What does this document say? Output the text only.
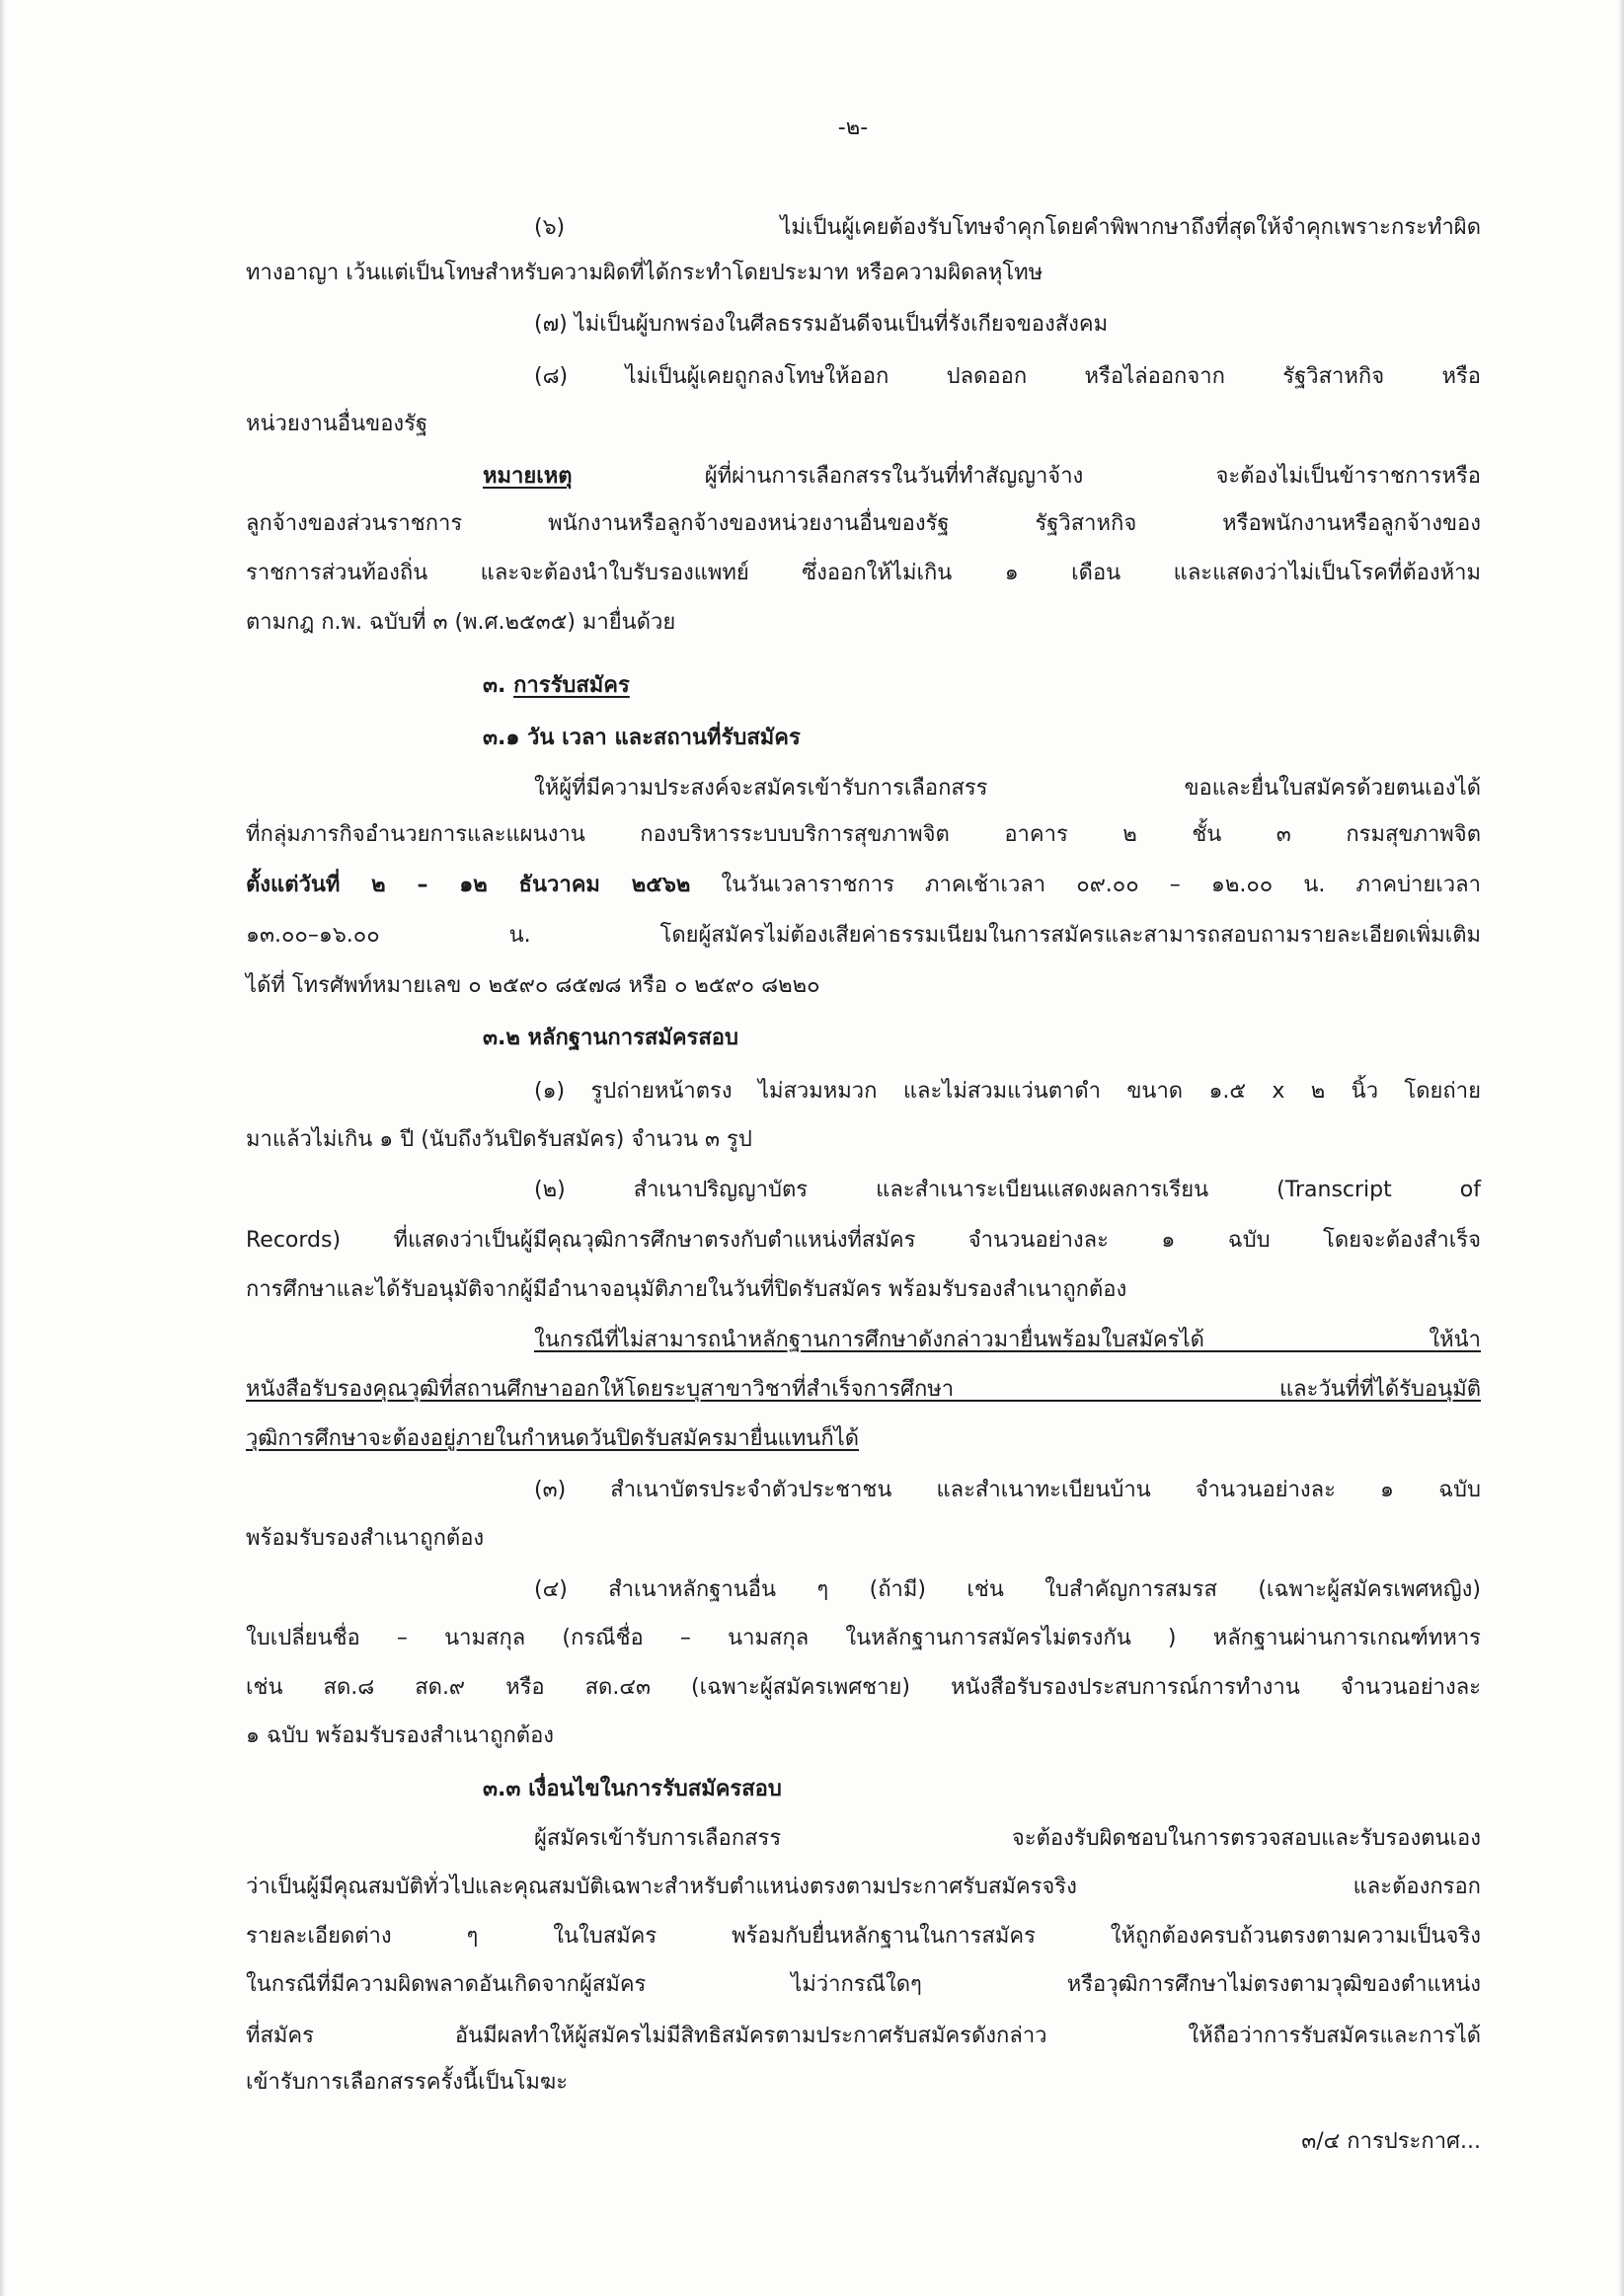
-๒-
(๖) ไม่เป็นผู้เคยต้องรับโทษจำคุกโดยคำพิพากษาถึงที่สุดให้จำคุกเพราะกระทำผิด
ทางอาญา เว้นแต่เป็นโทษสำหรับความผิดที่ได้กระทำโดยประมาท หรือความผิดลหุโทษ
(๗) ไม่เป็นผู้บกพร่องในศีลธรรมอันดีจนเป็นที่รังเกียจของสังคม
(๘) ไม่เป็นผู้เคยถูกลงโทษให้ออก ปลดออก หรือไล่ออกจาก รัฐวิสาหกิจ หรือ
หน่วยงานอื่นของรัฐ
หมายเหตุ	ผู้ที่ผ่านการเลือกสรรในวันที่ทำสัญญาจ้าง จะต้องไม่เป็นข้าราชการหรือ
ลูกจ้างของส่วนราชการ พนักงานหรือลูกจ้างของหน่วยงานอื่นของรัฐ รัฐวิสาหกิจ หรือพนักงานหรือลูกจ้างของ
ราชการส่วนท้องถิ่น และจะต้องนำใบรับรองแพทย์ ซึ่งออกให้ไม่เกิน ๑ เดือน และแสดงว่าไม่เป็นโรคที่ต้องห้าม
ตามกฎ ก.พ. ฉบับที่ ๓ (พ.ศ.๒๕๓๕) มายื่นด้วย
๓. การรับสมัคร
๓.๑ วัน เวลา และสถานที่รับสมัคร
ให้ผู้ที่มีความประสงค์จะสมัครเข้ารับการเลือกสรร ขอและยื่นใบสมัครด้วยตนเองได้
ที่กลุ่มภารกิจอำนวยการและแผนงาน กองบริหารระบบบริการสุขภาพจิต อาคาร ๒ ชั้น ๓ กรมสุขภาพจิต
ตั้งแต่วันที่ ๒ – ๑๒ ธันวาคม ๒๕๖๒ ในวันเวลาราชการ ภาคเช้าเวลา ๐๙.๐๐ – ๑๒.๐๐ น. ภาคบ่ายเวลา
๑๓.๐๐–๑๖.๐๐ น. โดยผู้สมัครไม่ต้องเสียค่าธรรมเนียมในการสมัครและสามารถสอบถามรายละเอียดเพิ่มเติม
ได้ที่ โทรศัพท์หมายเลข ๐ ๒๕๙๐ ๘๕๗๘ หรือ ๐ ๒๕๙๐ ๘๒๒๐
๓.๒ หลักฐานการสมัครสอบ
(๑) รูปถ่ายหน้าตรง ไม่สวมหมวก และไม่สวมแว่นตาดำ ขนาด ๑.๕ x ๒ นิ้ว โดยถ่าย
มาแล้วไม่เกิน ๑ ปี (นับถึงวันปิดรับสมัคร) จำนวน ๓ รูป
(๒) สำเนาปริญญาบัตร และสำเนาระเบียนแสดงผลการเรียน (Transcript of
Records) ที่แสดงว่าเป็นผู้มีคุณวุฒิการศึกษาตรงกับตำแหน่งที่สมัคร จำนวนอย่างละ ๑ ฉบับ โดยจะต้องสำเร็จ
การศึกษาและได้รับอนุมัติจากผู้มีอำนาจอนุมัติภายในวันที่ปิดรับสมัคร พร้อมรับรองสำเนาถูกต้อง
ในกรณีที่ไม่สามารถนำหลักฐานการศึกษาดังกล่าวมายื่นพร้อมใบสมัครได้ ให้นำ
หนังสือรับรองคุณวุฒิที่สถานศึกษาออกให้โดยระบุสาขาวิชาที่สำเร็จการศึกษา และวันที่ที่ได้รับอนุมัติ
วุฒิการศึกษาจะต้องอยู่ภายในกำหนดวันปิดรับสมัครมายื่นแทนก็ได้
(๓) สำเนาบัตรประจำตัวประชาชน และสำเนาทะเบียนบ้าน จำนวนอย่างละ ๑ ฉบับ
พร้อมรับรองสำเนาถูกต้อง
(๔) สำเนาหลักฐานอื่น ๆ (ถ้ามี) เช่น ใบสำคัญการสมรส (เฉพาะผู้สมัครเพศหญิง)
ใบเปลี่ยนชื่อ – นามสกุล (กรณีชื่อ – นามสกุล ในหลักฐานการสมัครไม่ตรงกัน ) หลักฐานผ่านการเกณฑ์ทหาร
เช่น สด.๘ สด.๙ หรือ สด.๔๓ (เฉพาะผู้สมัครเพศชาย) หนังสือรับรองประสบการณ์การทำงาน จำนวนอย่างละ
๑ ฉบับ พร้อมรับรองสำเนาถูกต้อง
๓.๓ เงื่อนไขในการรับสมัครสอบ
ผู้สมัครเข้ารับการเลือกสรร จะต้องรับผิดชอบในการตรวจสอบและรับรองตนเอง
ว่าเป็นผู้มีคุณสมบัติทั่วไปและคุณสมบัติเฉพาะสำหรับตำแหน่งตรงตามประกาศรับสมัครจริง และต้องกรอก
รายละเอียดต่าง ๆ ในใบสมัคร พร้อมกับยื่นหลักฐานในการสมัคร ให้ถูกต้องครบถ้วนตรงตามความเป็นจริง
ในกรณีที่มีความผิดพลาดอันเกิดจากผู้สมัคร ไม่ว่ากรณีใดๆ หรือวุฒิการศึกษาไม่ตรงตามวุฒิของตำแหน่ง
ที่สมัคร อันมีผลทำให้ผู้สมัครไม่มีสิทธิสมัครตามประกาศรับสมัครดังกล่าว ให้ถือว่าการรับสมัครและการได้
เข้ารับการเลือกสรรครั้งนี้เป็นโมฆะ
๓/๔ การประกาศ...
